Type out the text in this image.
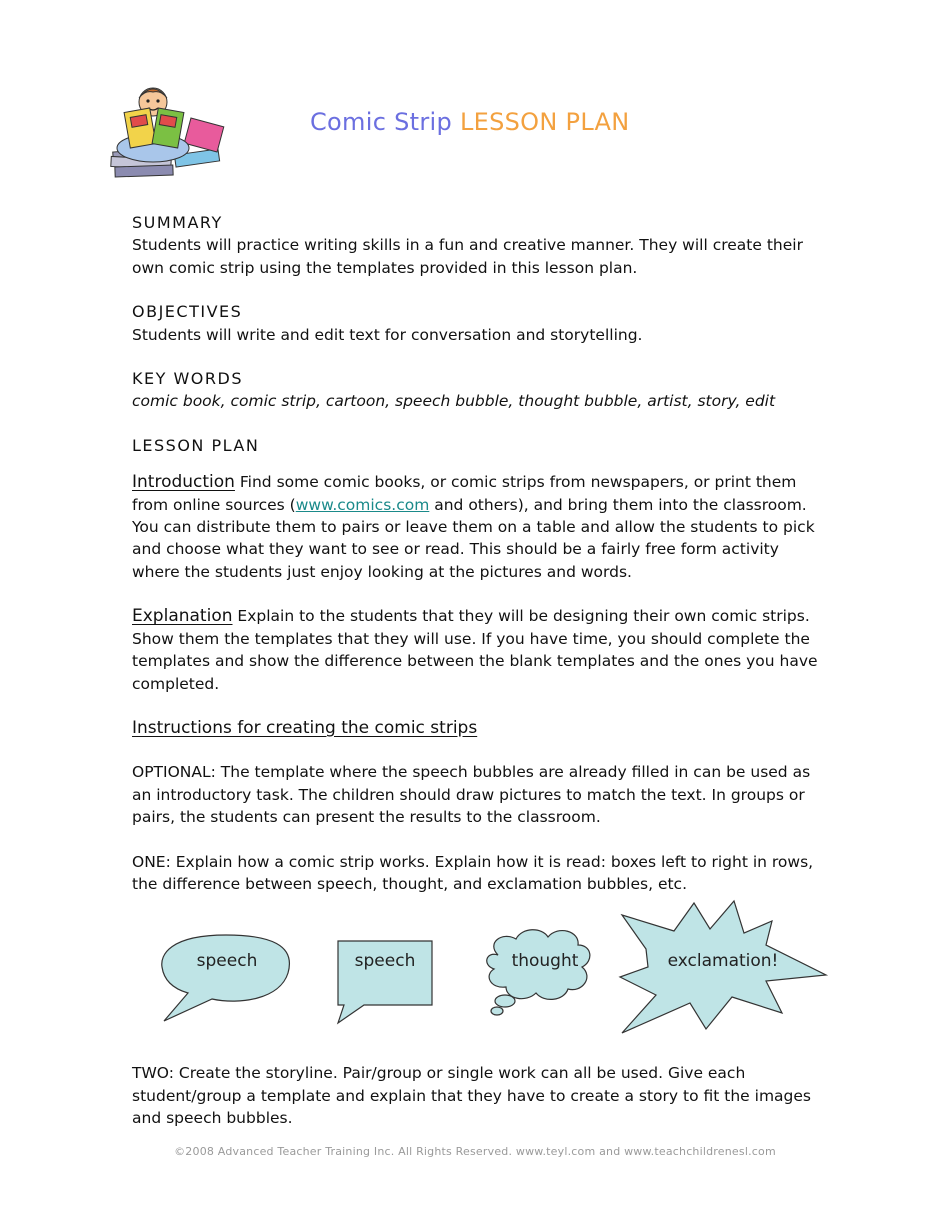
Comic Strip LESSON PLAN

SUMMARY

Students will practice writing skills in a fun and creative manner. They will create their own comic strip using the templates provided in this lesson plan.

OBJECTIVES

Students will write and edit text for conversation and storytelling.

KEY WORDS

comic book, comic strip, cartoon, speech bubble, thought bubble, artist, story, edit

LESSON PLAN

Introduction Find some comic books, or comic strips from newspapers, or print them from online sources (www.comics.com and others), and bring them into the classroom. You can distribute them to pairs or leave them on a table and allow the students to pick and choose what they want to see or read. This should be a fairly free form activity where the students just enjoy looking at the pictures and words.

Explanation Explain to the students that they will be designing their own comic strips. Show them the templates that they will use. If you have time, you should complete the templates and show the difference between the blank templates and the ones you have completed.

Instructions for creating the comic strips

OPTIONAL: The template where the speech bubbles are already filled in can be used as an introductory task. The children should draw pictures to match the text. In groups or pairs, the students can present the results to the classroom.

ONE: Explain how a comic strip works. Explain how it is read: boxes left to right in rows, the difference between speech, thought, and exclamation bubbles, etc.

TWO: Create the storyline. Pair/group or single work can all be used. Give each student/group a template and explain that they have to create a story to fit the images and speech bubbles.

speech	speech	thought	exclamation!
©2008 Advanced Teacher Training Inc. All Rights Reserved. www.teyl.com and www.teachchildrenesl.com
